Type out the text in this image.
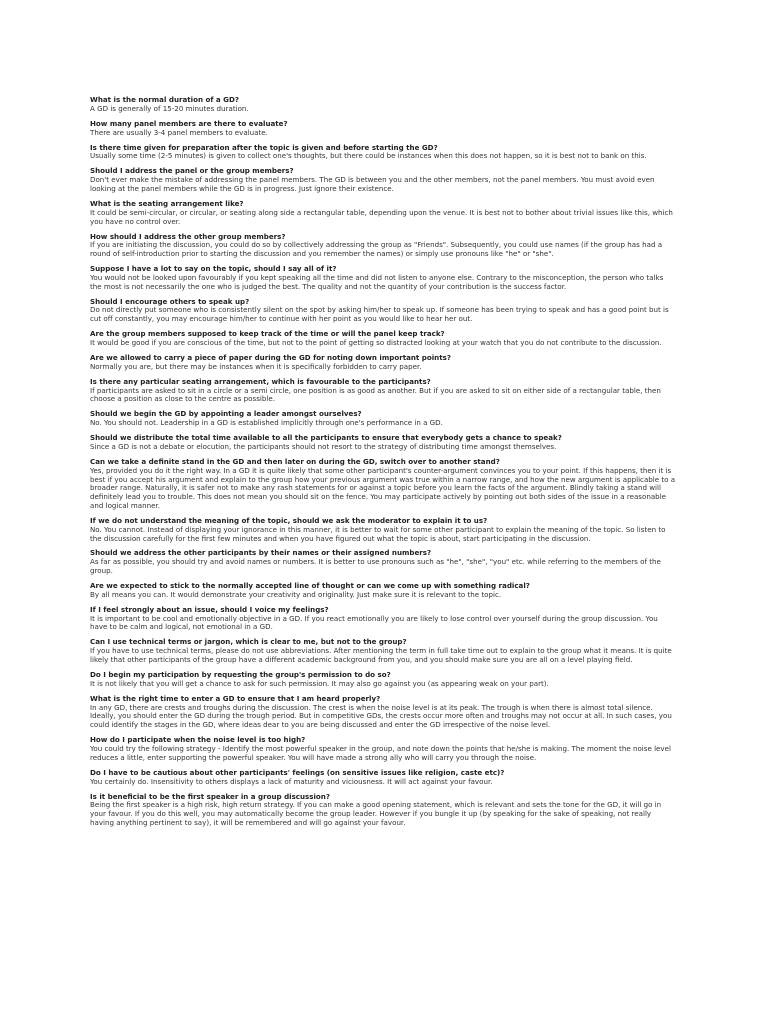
What is the normal duration of a GD?

A GD is generally of 15-20 minutes duration.

How many panel members are there to evaluate?

There are usually 3-4 panel members to evaluate.

Is there time given for preparation after the topic is given and before starting the GD?

Usually some time (2-5 minutes) is given to collect one's thoughts, but there could be instances when this does not happen, so it is best not to bank on this.

Should I address the panel or the group members?

Don't ever make the mistake of addressing the panel members. The GD is between you and the other members, not the panel members. You must avoid even looking at the panel members while the GD is in progress. Just ignore their existence.

What is the seating arrangement like?

It could be semi-circular, or circular, or seating along side a rectangular table, depending upon the venue. It is best not to bother about trivial issues like this, which you have no control over.

How should I address the other group members?

If you are initiating the discussion, you could do so by collectively addressing the group as "Friends". Subsequently, you could use names (if the group has had a round of self-introduction prior to starting the discussion and you remember the names) or simply use pronouns like "he" or "she".

Suppose I have a lot to say on the topic, should I say all of it?

You would not be looked upon favourably if you kept speaking all the time and did not listen to anyone else. Contrary to the misconception, the person who talks the most is not necessarily the one who is judged the best. The quality and not the quantity of your contribution is the success factor.

Should I encourage others to speak up?

Do not directly put someone who is consistently silent on the spot by asking him/her to speak up. If someone has been trying to speak and has a good point but is cut off constantly, you may encourage him/her to continue with her point as you would like to hear her out.

Are the group members supposed to keep track of the time or will the panel keep track?

It would be good if you are conscious of the time, but not to the point of getting so distracted looking at your watch that you do not contribute to the discussion.

Are we allowed to carry a piece of paper during the GD for noting down important points?

Normally you are, but there may be instances when it is specifically forbidden to carry paper.

Is there any particular seating arrangement, which is favourable to the participants?

If participants are asked to sit in a circle or a semi circle, one position is as good as another. But if you are asked to sit on either side of a rectangular table, then choose a position as close to the centre as possible.

Should we begin the GD by appointing a leader amongst ourselves?

No. You should not. Leadership in a GD is established implicitly through one's performance in a GD.

Should we distribute the total time available to all the participants to ensure that everybody gets a chance to speak?

Since a GD is not a debate or elocution, the participants should not resort to the strategy of distributing time amongst themselves.

Can we take a definite stand in the GD and then later on during the GD, switch over to another stand?

Yes, provided you do it the right way. In a GD it is quite likely that some other participant's counter-argument convinces you to your point. If this happens, then it is best if you accept his argument and explain to the group how your previous argument was true within a narrow range, and how the new argument is applicable to a broader range. Naturally, it is safer not to make any rash statements for or against a topic before you learn the facts of the argument. Blindly taking a stand will definitely lead you to trouble. This does not mean you should sit on the fence. You may participate actively by pointing out both sides of the issue in a reasonable and logical manner.

If we do not understand the meaning of the topic, should we ask the moderator to explain it to us?

No. You cannot. Instead of displaying your ignorance in this manner, it is better to wait for some other participant to explain the meaning of the topic. So listen to the discussion carefully for the first few minutes and when you have figured out what the topic is about, start participating in the discussion.

Should we address the other participants by their names or their assigned numbers?

As far as possible, you should try and avoid names or numbers. It is better to use pronouns such as "he", "she", "you" etc. while referring to the members of the group.

Are we expected to stick to the normally accepted line of thought or can we come up with something radical?

By all means you can. It would demonstrate your creativity and originality. Just make sure it is relevant to the topic.

If I feel strongly about an issue, should I voice my feelings?

It is important to be cool and emotionally objective in a GD. If you react emotionally you are likely to lose control over yourself during the group discussion. You have to be calm and logical, not emotional in a GD.

Can I use technical terms or jargon, which is clear to me, but not to the group?

If you have to use technical terms, please do not use abbreviations. After mentioning the term in full take time out to explain to the group what it means. It is quite likely that other participants of the group have a different academic background from you, and you should make sure you are all on a level playing field.

Do I begin my participation by requesting the group's permission to do so?

It is not likely that you will get a chance to ask for such permission. It may also go against you (as appearing weak on your part).

What is the right time to enter a GD to ensure that I am heard properly?

In any GD, there are crests and troughs during the discussion. The crest is when the noise level is at its peak. The trough is when there is almost total silence. Ideally, you should enter the GD during the trough period. But in competitive GDs, the crests occur more often and troughs may not occur at all. In such cases, you could identify the stages in the GD, where ideas dear to you are being discussed and enter the GD irrespective of the noise level.

How do I participate when the noise level is too high?

You could try the following strategy - Identify the most powerful speaker in the group, and note down the points that he/she is making. The moment the noise level reduces a little, enter supporting the powerful speaker. You will have made a strong ally who will carry you through the noise.

Do I have to be cautious about other participants' feelings (on sensitive issues like religion, caste etc)?

You certainly do. Insensitivity to others displays a lack of maturity and viciousness. It will act against your favour.

Is it beneficial to be the first speaker in a group discussion?

Being the first speaker is a high risk, high return strategy. If you can make a good opening statement, which is relevant and sets the tone for the GD, it will go in your favour. If you do this well, you may automatically become the group leader. However if you bungle it up (by speaking for the sake of speaking, not really having anything pertinent to say), it will be remembered and will go against your favour.
